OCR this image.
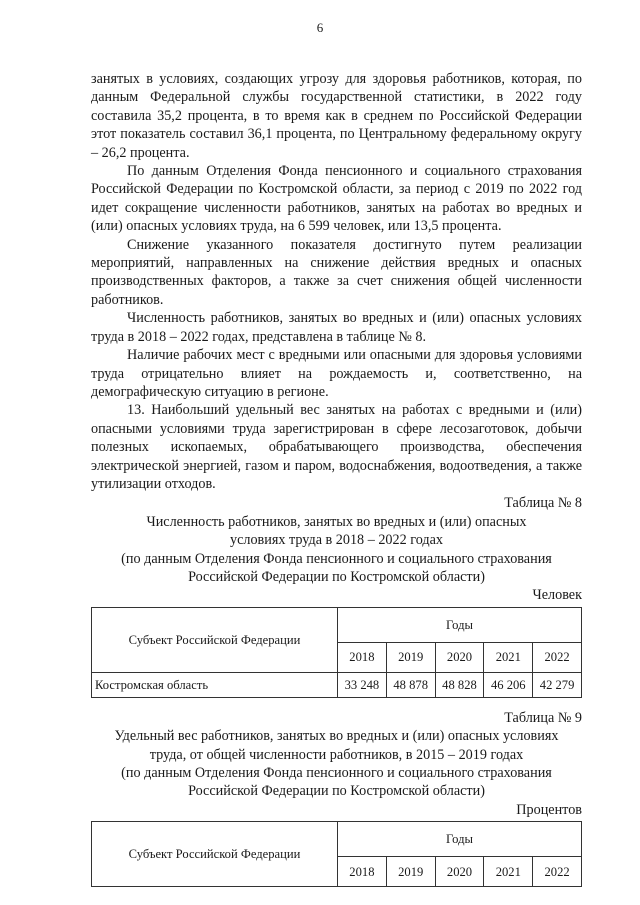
6

занятых в условиях, создающих угрозу для здоровья работников, которая, по данным Федеральной службы государственной статистики, в 2022 году составила 35,2 процента, в то время как в среднем по Российской Федерации этот показатель составил 36,1 процента, по Центральному федеральному округу – 26,2 процента.

По данным Отделения Фонда пенсионного и социального страхования Российской Федерации по Костромской области, за период с 2019 по 2022 год идет сокращение численности работников, занятых на работах во вредных и (или) опасных условиях труда, на 6 599 человек, или 13,5 процента.

Снижение указанного показателя достигнуто путем реализации мероприятий, направленных на снижение действия вредных и опасных производственных факторов, а также за счет снижения общей численности работников.

Численность работников, занятых во вредных и (или) опасных условиях труда в 2018 – 2022 годах, представлена в таблице № 8.

Наличие рабочих мест с вредными или опасными для здоровья условиями труда отрицательно влияет на рождаемость и, соответственно, на демографическую ситуацию в регионе.

13. Наибольший удельный вес занятых на работах с вредными и (или) опасными условиями труда зарегистрирован в сфере лесозаготовок, добычи полезных ископаемых, обрабатывающего производства, обеспечения электрической энергией, газом и паром, водоснабжения, водоотведения, а также утилизации отходов.

Таблица № 8
Численность работников, занятых во вредных и (или) опасных
условиях труда в 2018 – 2022 годах
(по данным Отделения Фонда пенсионного и социального страхования
Российской Федерации по Костромской области)
Человек
Субъект Российской Федерации	Годы				
	2018	2019	2020	2021	2022
Костромская область	33 248	48 878	48 828	46 206	42 279
Таблица № 9
Удельный вес работников, занятых во вредных и (или) опасных условиях
труда, от общей численности работников, в 2015 – 2019 годах
(по данным Отделения Фонда пенсионного и социального страхования
Российской Федерации по Костромской области)
Процентов
Субъект Российской Федерации	Годы				
	2018	2019	2020	2021	2022
